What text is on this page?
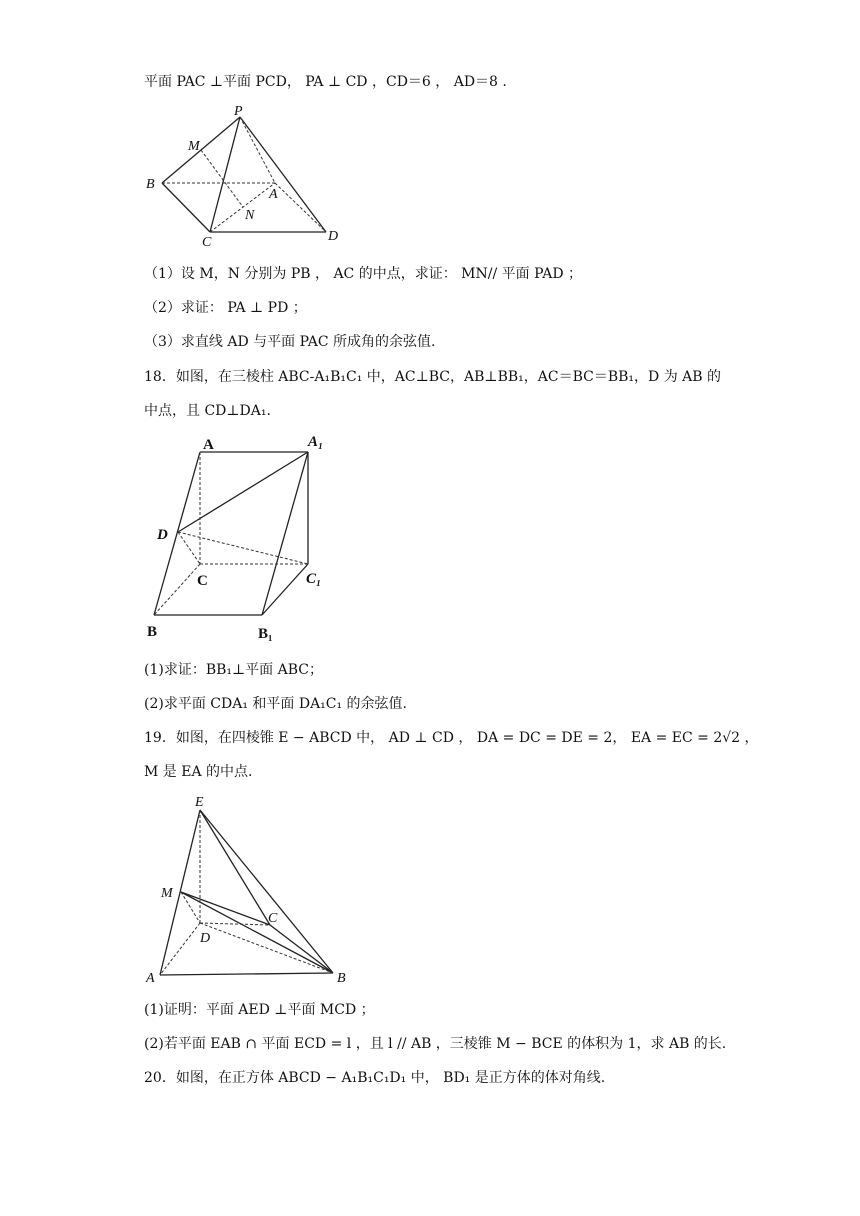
平面 PAC ⊥平面 PCD， PA ⊥ CD ，CD＝6 ， AD＝8 .
P
M
B
A
N
C	D
（1）设 M，N 分别为 PB ， AC 的中点，求证： MN// 平面 PAD ；
（2）求证： PA ⊥ PD ；
（3）求直线 AD 与平面 PAC 所成角的余弦值.
18．如图，在三棱柱 ABC-A₁B₁C₁ 中，AC⊥BC，AB⊥BB₁，AC＝BC＝BB₁，D 为 AB 的
中点，且 CD⊥DA₁.
A	A₁
D
C	C₁
B	B₁
(1)求证：BB₁⊥平面 ABC；
(2)求平面 CDA₁ 和平面 DA₁C₁ 的余弦值.
19．如图，在四棱锥 E − ABCD 中， AD ⊥ CD ， DA = DC = DE = 2， EA = EC = 2√2 ，
M 是 EA 的中点.
E
M
C
D
A	B
(1)证明：平面 AED ⊥平面 MCD ；
(2)若平面 EAB ∩ 平面 ECD = l ，且 l // AB ，三棱锥 M − BCE 的体积为 1，求 AB 的长.
20．如图，在正方体 ABCD − A₁B₁C₁D₁ 中， BD₁ 是正方体的体对角线.
